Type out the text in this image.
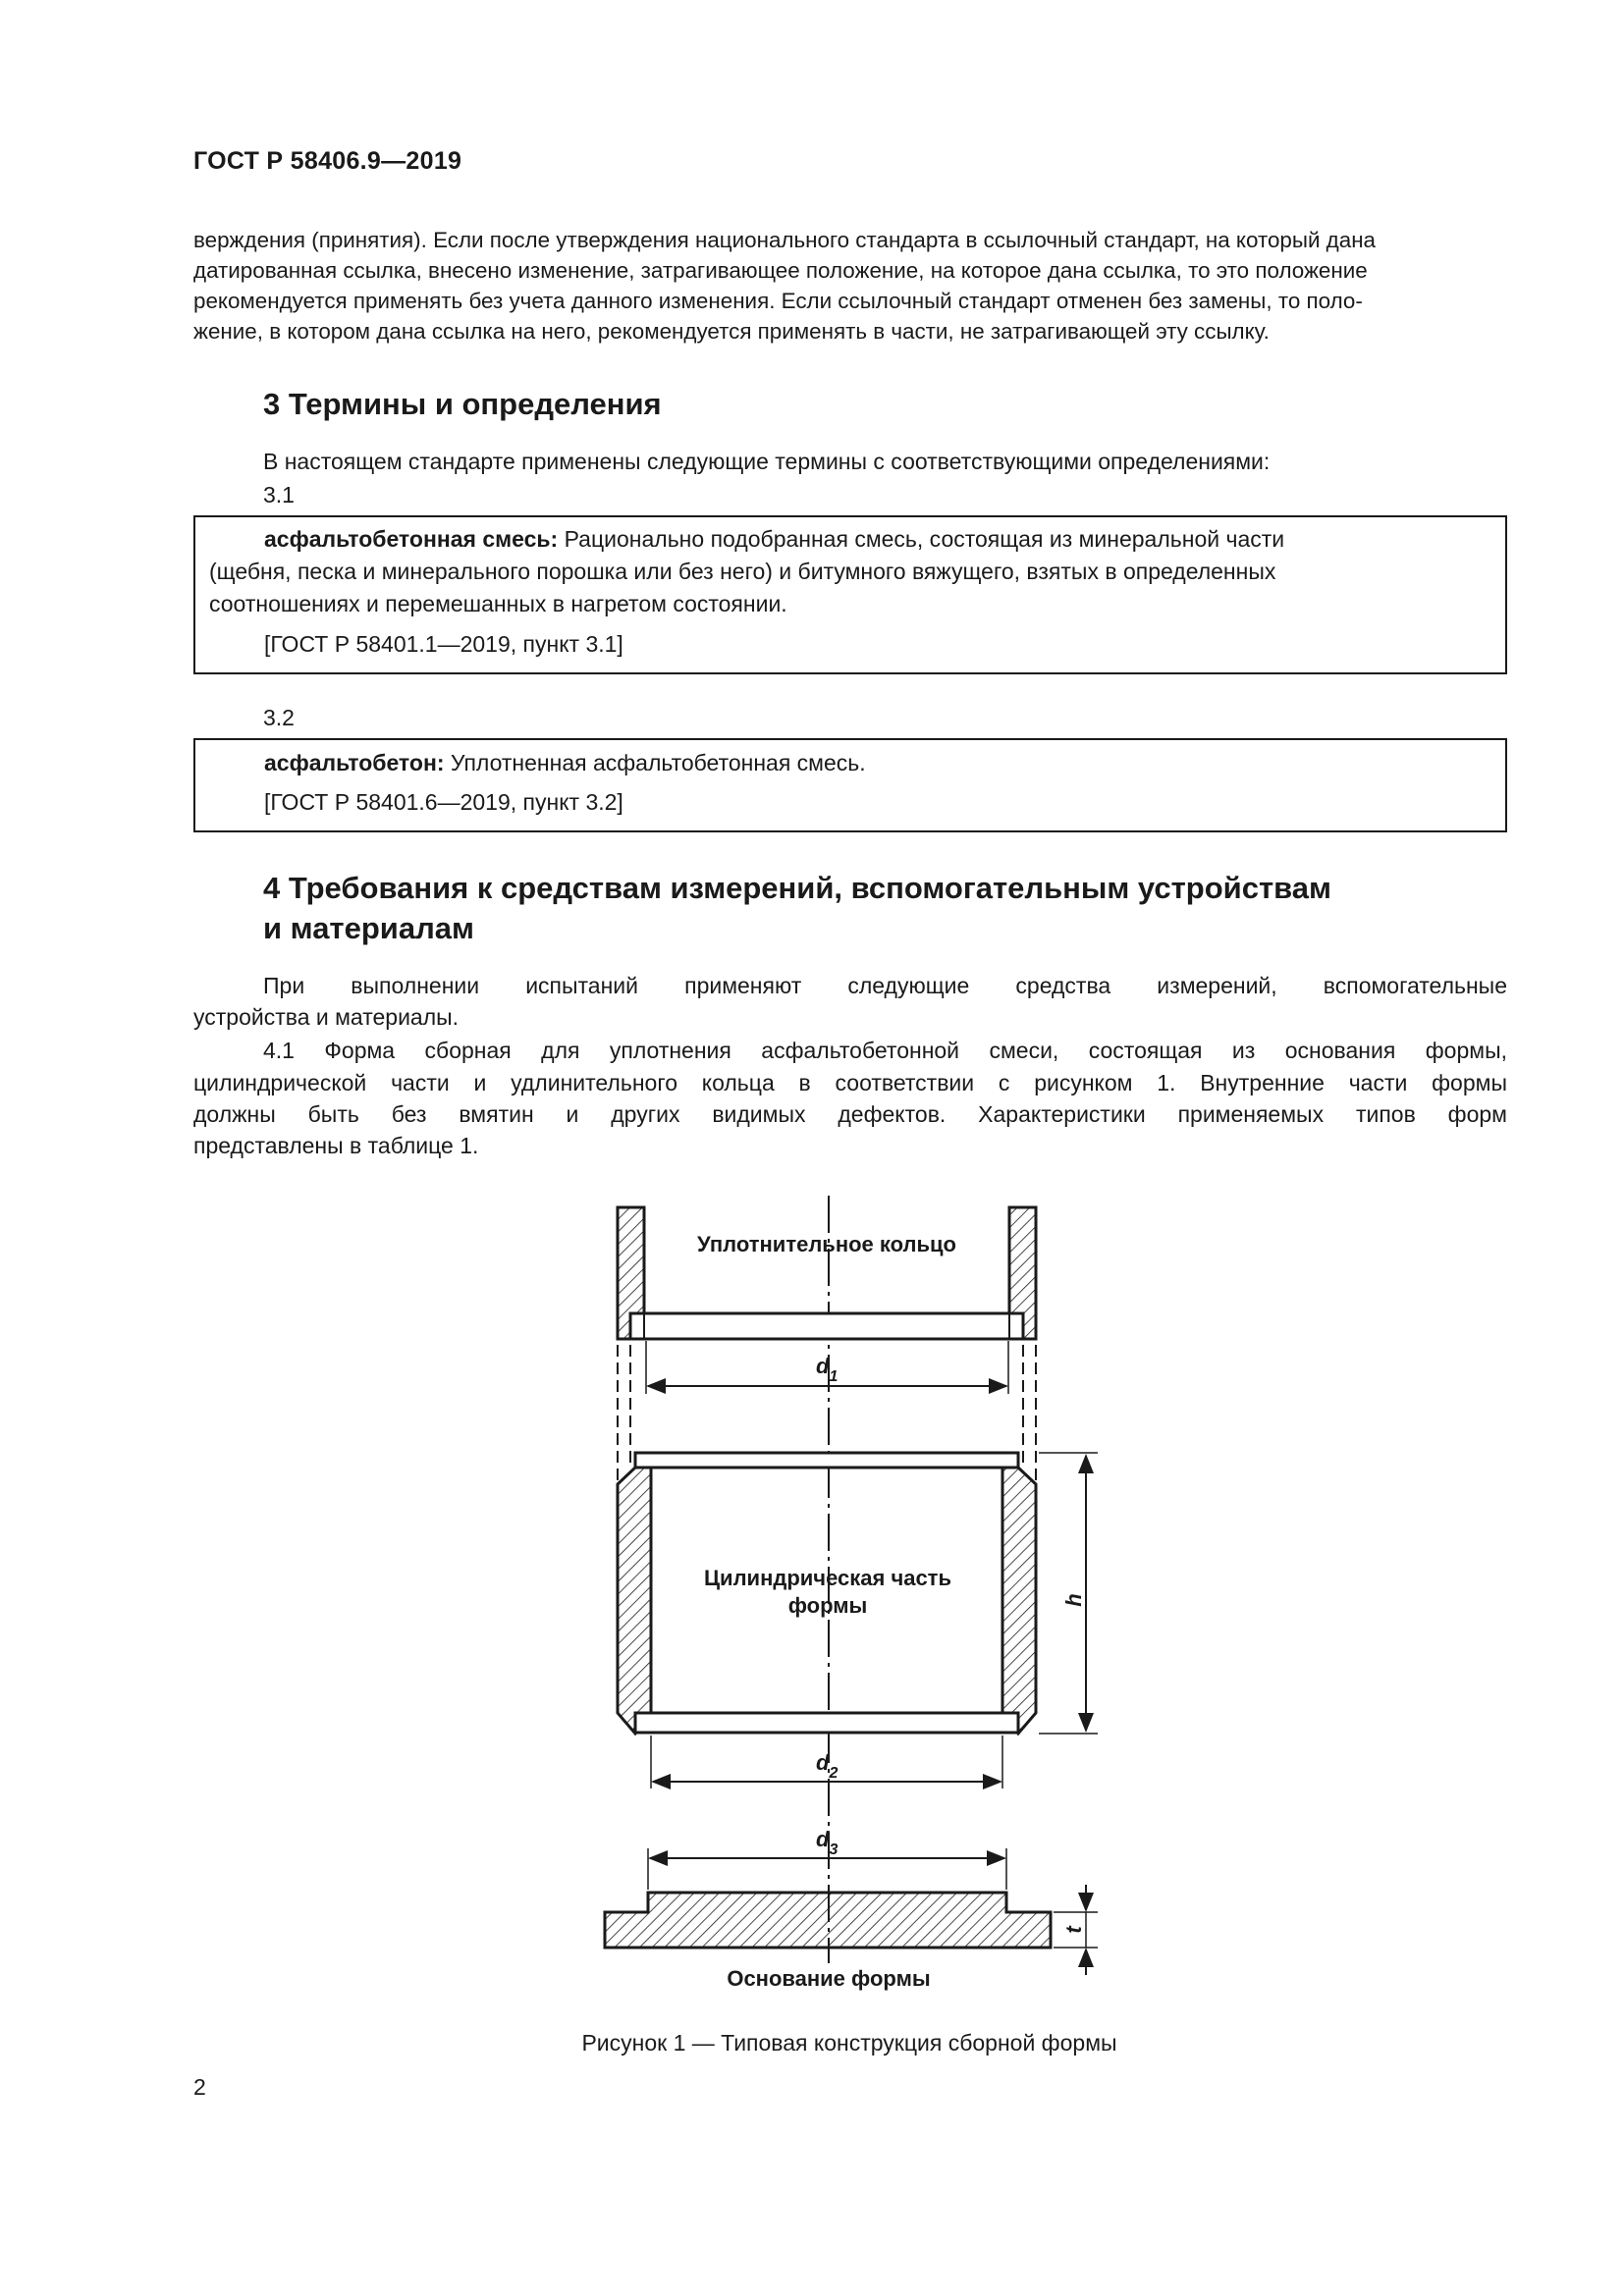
ГОСТ Р 58406.9—2019
верждения (принятия). Если после утверждения национального стандарта в ссылочный стандарт, на который дана
датированная ссылка, внесено изменение, затрагивающее положение, на которое дана ссылка, то это положение
рекомендуется применять без учета данного изменения. Если ссылочный стандарт отменен без замены, то поло-
жение, в котором дана ссылка на него, рекомендуется применять в части, не затрагивающей эту ссылку.
3 Термины и определения
В настоящем стандарте применены следующие термины с соответствующими определениями:
3.1
асфальтобетонная смесь: Рационально подобранная смесь, состоящая из минеральной части
(щебня, песка и минерального порошка или без него) и битумного вяжущего, взятых в определенных
соотношениях и перемешанных в нагретом состоянии.
[ГОСТ Р 58401.1—2019, пункт 3.1]
3.2
асфальтобетон: Уплотненная асфальтобетонная смесь.
[ГОСТ Р 58401.6—2019, пункт 3.2]
4 Требования к средствам измерений, вспомогательным устройствам
и материалам
При выполнении испытаний применяют следующие средства измерений, вспомогательные
устройства и материалы.
4.1 Форма сборная для уплотнения асфальтобетонной смеси, состоящая из основания формы,
цилиндрической части и удлинительного кольца в соответствии с рисунком 1. Внутренние части формы
должны быть без вмятин и других видимых дефектов. Характеристики применяемых типов форм
представлены в таблице 1.
Уплотнительное кольцо
Цилиндрическая часть
формы
Основание формы
$d_1$
$d_2$
$d_3$
h
t
Рисунок 1 — Типовая конструкция сборной формы
2
